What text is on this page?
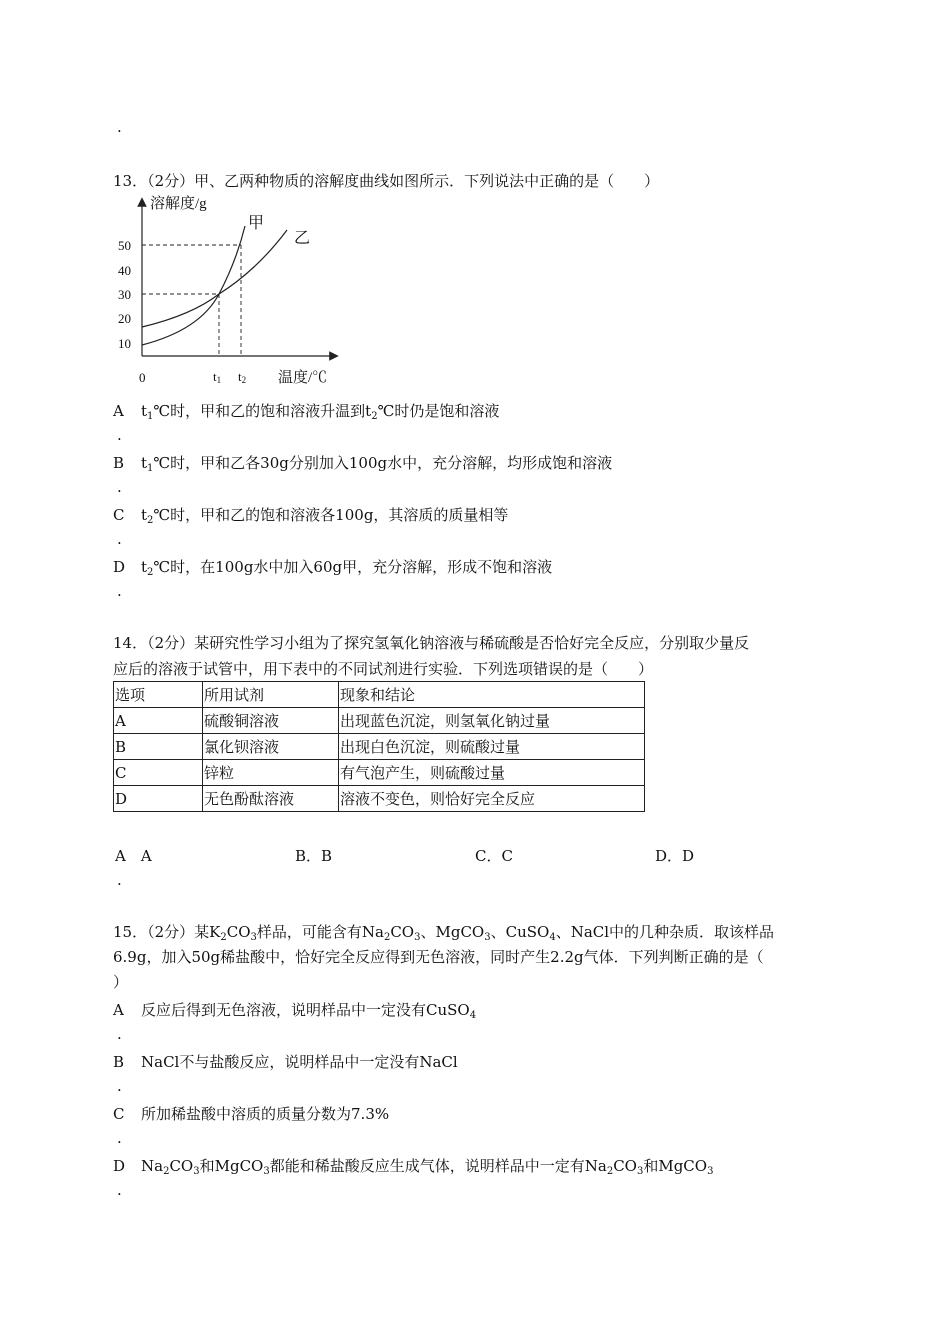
.
13．（2分）甲、乙两种物质的溶解度曲线如图所示．下列说法中正确的是（　　）
溶解度/g
温度/℃
0
10
20
30
40
50
甲
乙
t1 t2
A $t_1℃$时，甲和乙的饱和溶液升温到$t_2℃$时仍是饱和溶液
.
B $t_1℃$时，甲和乙各30g分别加入100g水中，充分溶解，均形成饱和溶液
.
C $t_2℃$时，甲和乙的饱和溶液各100g，其溶质的质量相等
.
D $t_2℃$时，在100g水中加入60g甲，充分溶解，形成不饱和溶液
.
14．（2分）某研究性学习小组为了探究氢氧化钠溶液与稀硫酸是否恰好完全反应，分别取少量反
应后的溶液于试管中，用下表中的不同试剂进行实验．下列选项错误的是（　　）
选项	所用试剂	现象和结论
A	硫酸铜溶液	出现蓝色沉淀，则氢氧化钠过量
B	氯化钡溶液	出现白色沉淀，则硫酸过量
C	锌粒	有气泡产生，则硫酸过量
D	无色酚酞溶液	溶液不变色，则恰好完全反应
A　A	B．B	C．C	D．D
.
15．（2分）某$K_2CO_3$样品，可能含有$Na_2CO_3$、MgCO$_3$、CuSO$_4$、NaCl中的几种杂质．取该样品
6.9g，加入50g稀盐酸中，恰好完全反应得到无色溶液，同时产生2.2g气体．下列判断正确的是（
）
A 反应后得到无色溶液，说明样品中一定没有CuSO$_4$
.
B NaCl不与盐酸反应，说明样品中一定没有NaCl
.
C 所加稀盐酸中溶质的质量分数为7.3%
.
D $Na_2CO_3$和MgCO$_3$都能和稀盐酸反应生成气体，说明样品中一定有$Na_2CO_3$和MgCO$_3$
.
